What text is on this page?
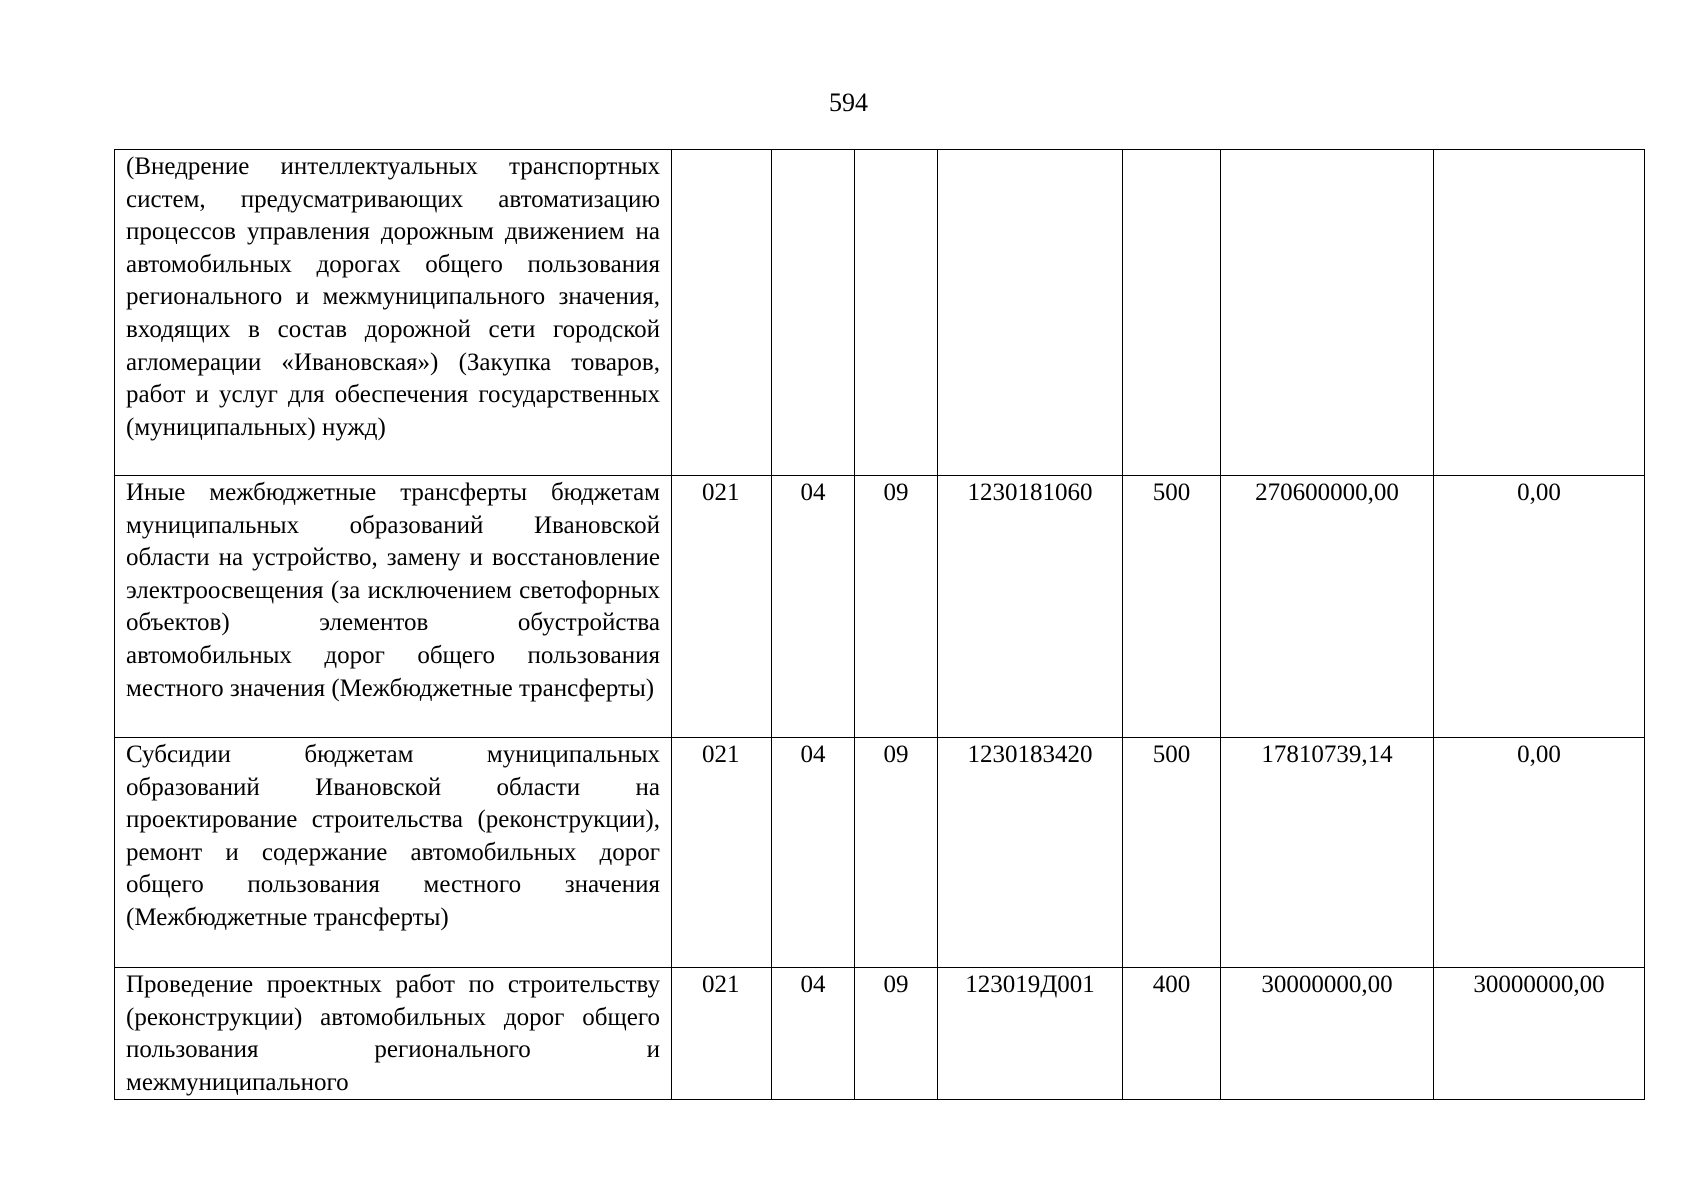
594
(Внедрение интеллектуальных транспортных систем, предусматривающих автоматизацию процессов управления дорожным движением на автомобильных дорогах общего пользования регионального и межмуниципального значения, входящих в состав дорожной сети городской агломерации «Ивановская») (Закупка товаров, работ и услуг для обеспечения государственных (муниципальных) нужд)							

Иные межбюджетные трансферты бюджетам муниципальных образований Ивановской области на устройство, замену и восстановление электроосвещения (за исключением светофорных объектов) элементов обустройства автомобильных дорог общего пользования местного значения (Межбюджетные трансферты)	021	04	09	1230181060	500	270600000,00	0,00

Субсидии бюджетам муниципальных образований Ивановской области на проектирование строительства (реконструкции), ремонт и содержание автомобильных дорог общего пользования местного значения (Межбюджетные трансферты)	021	04	09	1230183420	500	17810739,14	0,00

Проведение проектных работ по строительству (реконструкции) автомобильных дорог общего пользования регионального и межмуниципального	021	04	09	123019Д001	400	30000000,00	30000000,00
